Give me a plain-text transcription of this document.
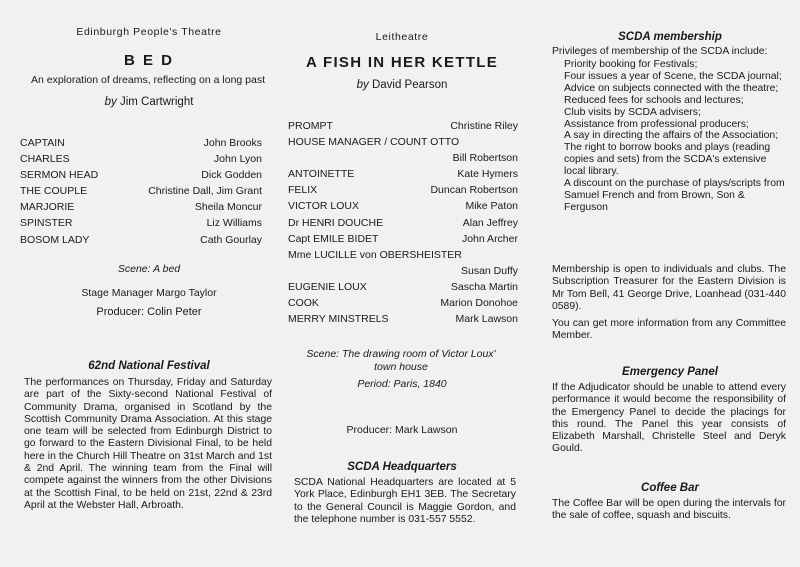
Edinburgh People's Theatre
B E D
An exploration of dreams, reflecting on a long past
by Jim Cartwright
CAPTAIN	John Brooks
CHARLES	John Lyon
SERMON HEAD	Dick Godden
THE COUPLE	Christine Dall, Jim Grant
MARJORIE	Sheila Moncur
SPINSTER	Liz Williams
BOSOM LADY	Cath Gourlay
Scene: A bed
Stage Manager Margo Taylor
Producer: Colin Peter
62nd National Festival
The performances on Thursday, Friday and Saturday are part of the Sixty-second National Festival of Community Drama, organised in Scotland by the Scottish Community Drama Association. At this stage one team will be selected from Edinburgh District to go forward to the Eastern Divisional Final, to be held here in the Church Hill Theatre on 31st March and 1st & 2nd April. The winning team from the Final will compete against the winners from the other Divisions at the Scottish Final, to be held on 21st, 22nd & 23rd April at the Webster Hall, Arbroath.
Leitheatre
A FISH IN HER KETTLE
by David Pearson
PROMPT	Christine Riley
HOUSE MANAGER / COUNT OTTO
Bill Robertson
ANTOINETTE	Kate Hymers
FELIX	Duncan Robertson
VICTOR LOUX	Mike Paton
Dr HENRI DOUCHE	Alan Jeffrey
Capt EMILE BIDET	John Archer
Mme LUCILLE von OBERSHEISTER
Susan Duffy
EUGENIE LOUX	Sascha Martin
COOK	Marion Donohoe
MERRY MINSTRELS	Mark Lawson
Scene: The drawing room of Victor Loux' town house
Period: Paris, 1840
Producer: Mark Lawson
SCDA Headquarters
SCDA National Headquarters are located at 5 York Place, Edinburgh EH1 3EB. The Secretary to the General Council is Maggie Gordon, and the telephone number is 031-557 5552.
SCDA membership
Privileges of membership of the SCDA include:
Priority booking for Festivals;
Four issues a year of Scene, the SCDA journal;
Advice on subjects connected with the theatre;
Reduced fees for schools and lectures;
Club visits by SCDA advisers;
Assistance from professional producers;
A say in directing the affairs of the Association;
The right to borrow books and plays (reading copies and sets) from the SCDA's extensive local library.
A discount on the purchase of plays/scripts from Samuel French and from Brown, Son & Ferguson
Membership is open to individuals and clubs. The Subscription Treasurer for the Eastern Division is Mr Tom Bell, 41 George Drive, Loanhead (031-440 0589).
You can get more information from any Committee Member.
Emergency Panel
If the Adjudicator should be unable to attend every performance it would become the responsibility of the Emergency Panel to decide the placings for this round. The Panel this year consists of Elizabeth Marshall, Christelle Steel and Deryk Gould.
Coffee Bar
The Coffee Bar will be open during the intervals for the sale of coffee, squash and biscuits.
